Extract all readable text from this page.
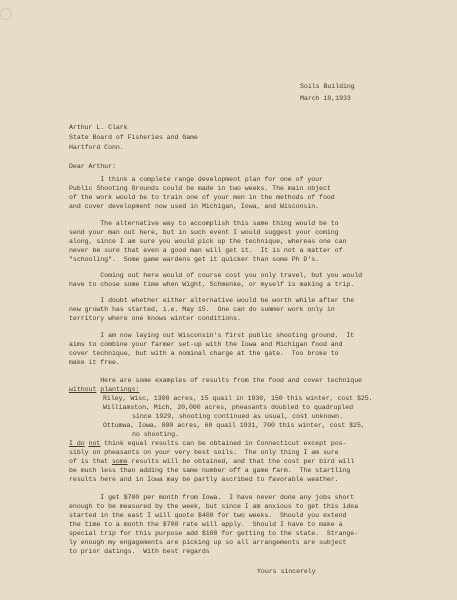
Soils Building
March 10,1933
Arthur L. Clark
State Board of Fisheries and Game
Hartford Conn.
Dear Arthur:
I think a complete range development plan for one of your
Public Shooting Grounds could be made in two weeks. The main object
of the work would be to train one of your men in the methods of food
and cover development now used in Michigan, Iowa, and Wisconsin.
The alternative way to accomplish this same thing would be to
send your man out here, but in such event I would suggest your coming
along, since I am sure you would pick up the technique, whereas one can
never be sure that even a good man will get it.  It is not a matter of
"schooling".  Some game wardens get it quicker than some Ph D's.
Coming out here would of course cost you only travel, but you would
have to chose some time when Wight, Schmenke, or myself is making a trip.
I doubt whether either alternative would be worth while after the
new growth has started, i.e. May 15.  One can do summer work only in
territory where one knows winter conditions.
I am now laying out Wisconsin's first public shooting ground.  It
aims to combine your farmer set-up with the Iowa and Michigan food and
cover technique, but with a nominal charge at the gate.  Too broke to
make it free.
Here are some examples of results from the food and cover technique
without plantings:
Riley, Wisc, 1300 acres, 15 quail in 1930, 150 this winter, cost $25.
Williamston, Mich, 20,000 acres, pheasants doubled to quadrupled
since 1929, shooting continued as usual, cost unknown.
Ottumwa, Iowa, 800 acres, 60 quail 1931, 700 this winter, cost $25,
no shooting.
I do not think equal results can be obtained in Connecticut except pos-
sibly on pheasants on your very best soils.  The only thing I am sure
of is that some results will be obtained, and that the cost per bird will
be much less than adding the same number off a game farm.  The startling
results here and in Iowa may be partly ascribed to favorable weather.
I get $700 per month from Iowa.  I have never done any jobs short
enough to be measured by the week, but since I am anxious to get this idea
started in the east I will quote $400 for two weeks.  Should you extend
the time to a month the $700 rate will apply.  Should I have to make a
special trip for this purpose add $100 for getting to the state.  Strange-
ly enough my engagements are picking up so all arrangements are subject
to prior datings.  With best regards
Yours sincerely
